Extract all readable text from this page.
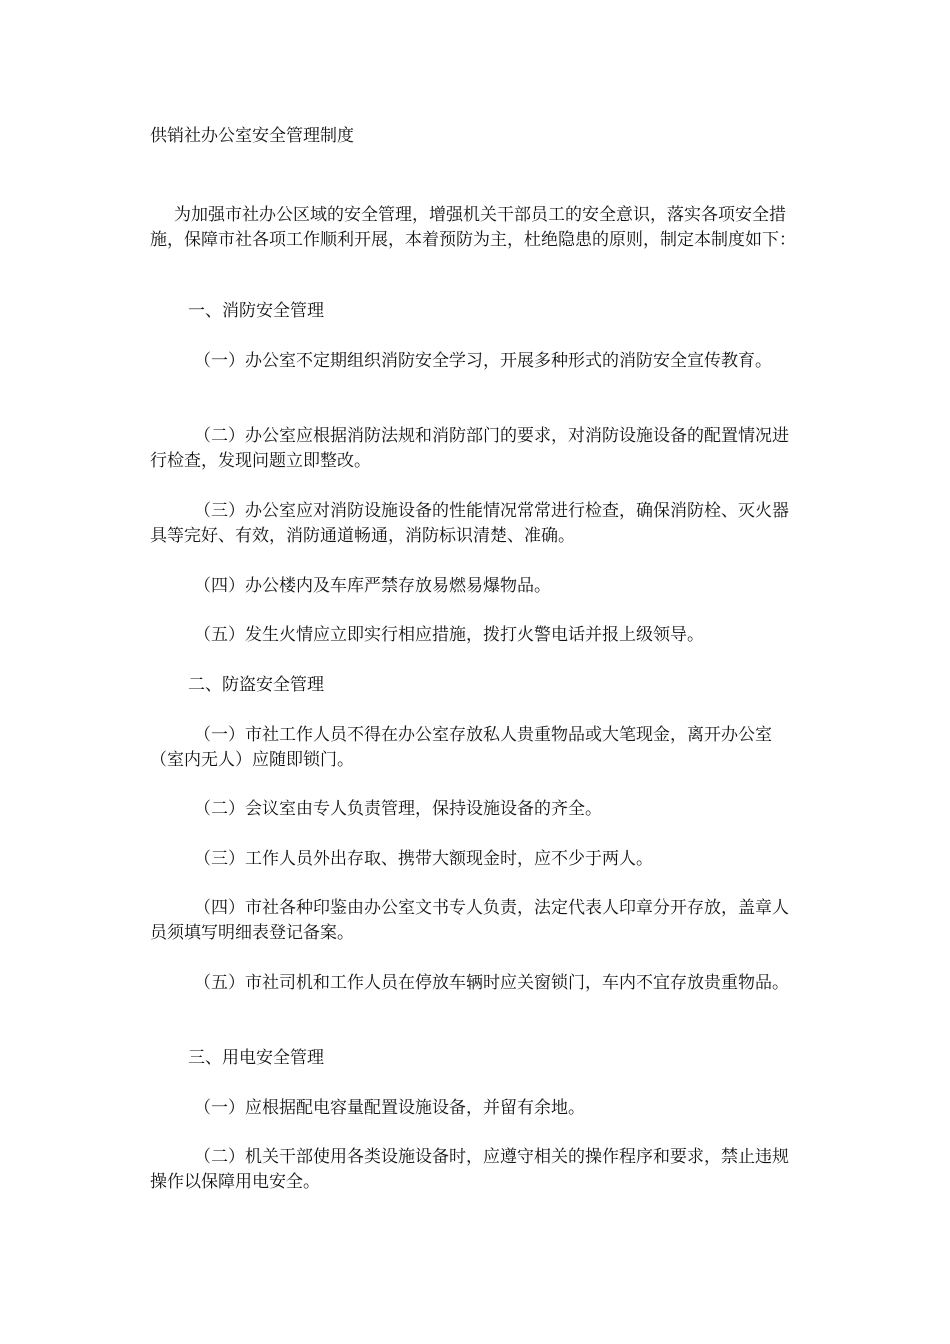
供销社办公室安全管理制度

为加强市社办公区域的安全管理，增强机关干部员工的安全意识，落实各项安全措施，保障市社各项工作顺利开展，本着预防为主，杜绝隐患的原则，制定本制度如下：

一、消防安全管理

（一）办公室不定期组织消防安全学习，开展多种形式的消防安全宣传教育。

（二）办公室应根据消防法规和消防部门的要求，对消防设施设备的配置情况进行检查，发现问题立即整改。

（三）办公室应对消防设施设备的性能情况常常进行检查，确保消防栓、灭火器具等完好、有效，消防通道畅通，消防标识清楚、准确。

（四）办公楼内及车库严禁存放易燃易爆物品。

（五）发生火情应立即实行相应措施，拨打火警电话并报上级领导。

二、防盗安全管理

（一）市社工作人员不得在办公室存放私人贵重物品或大笔现金，离开办公室（室内无人）应随即锁门。

（二）会议室由专人负责管理，保持设施设备的齐全。

（三）工作人员外出存取、携带大额现金时，应不少于两人。

（四）市社各种印鉴由办公室文书专人负责，法定代表人印章分开存放，盖章人员须填写明细表登记备案。

（五）市社司机和工作人员在停放车辆时应关窗锁门，车内不宜存放贵重物品。

三、用电安全管理

（一）应根据配电容量配置设施设备，并留有余地。

（二）机关干部使用各类设施设备时，应遵守相关的操作程序和要求，禁止违规操作以保障用电安全。
